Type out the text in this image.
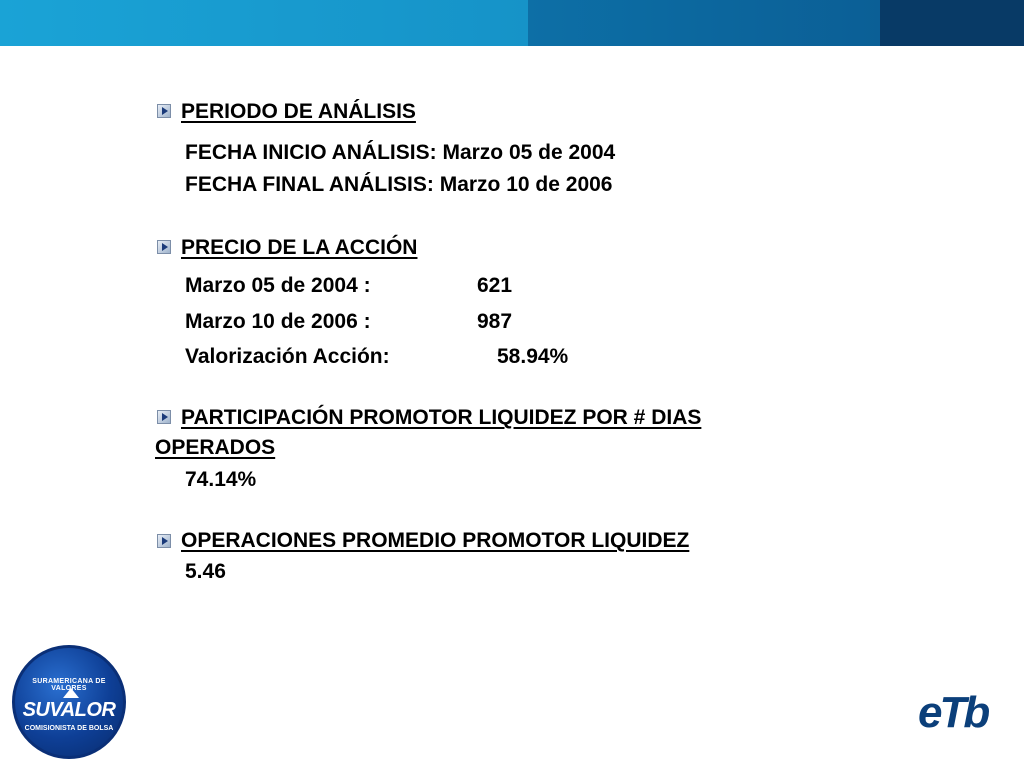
PERIODO DE ANÁLISIS
FECHA INICIO ANÁLISIS: Marzo 05 de 2004
FECHA FINAL ANÁLISIS: Marzo 10 de 2006
PRECIO DE LA ACCIÓN
Marzo 05 de 2004 :	621
Marzo 10 de 2006 :	987
Valorización Acción:	58.94%
PARTICIPACIÓN PROMOTOR LIQUIDEZ POR # DIAS
OPERADOS
74.14%
OPERACIONES PROMEDIO PROMOTOR LIQUIDEZ
5.46
SURAMERICANA DE VALORES
SUVALOR
COMISIONISTA DE BOLSA	eTb
